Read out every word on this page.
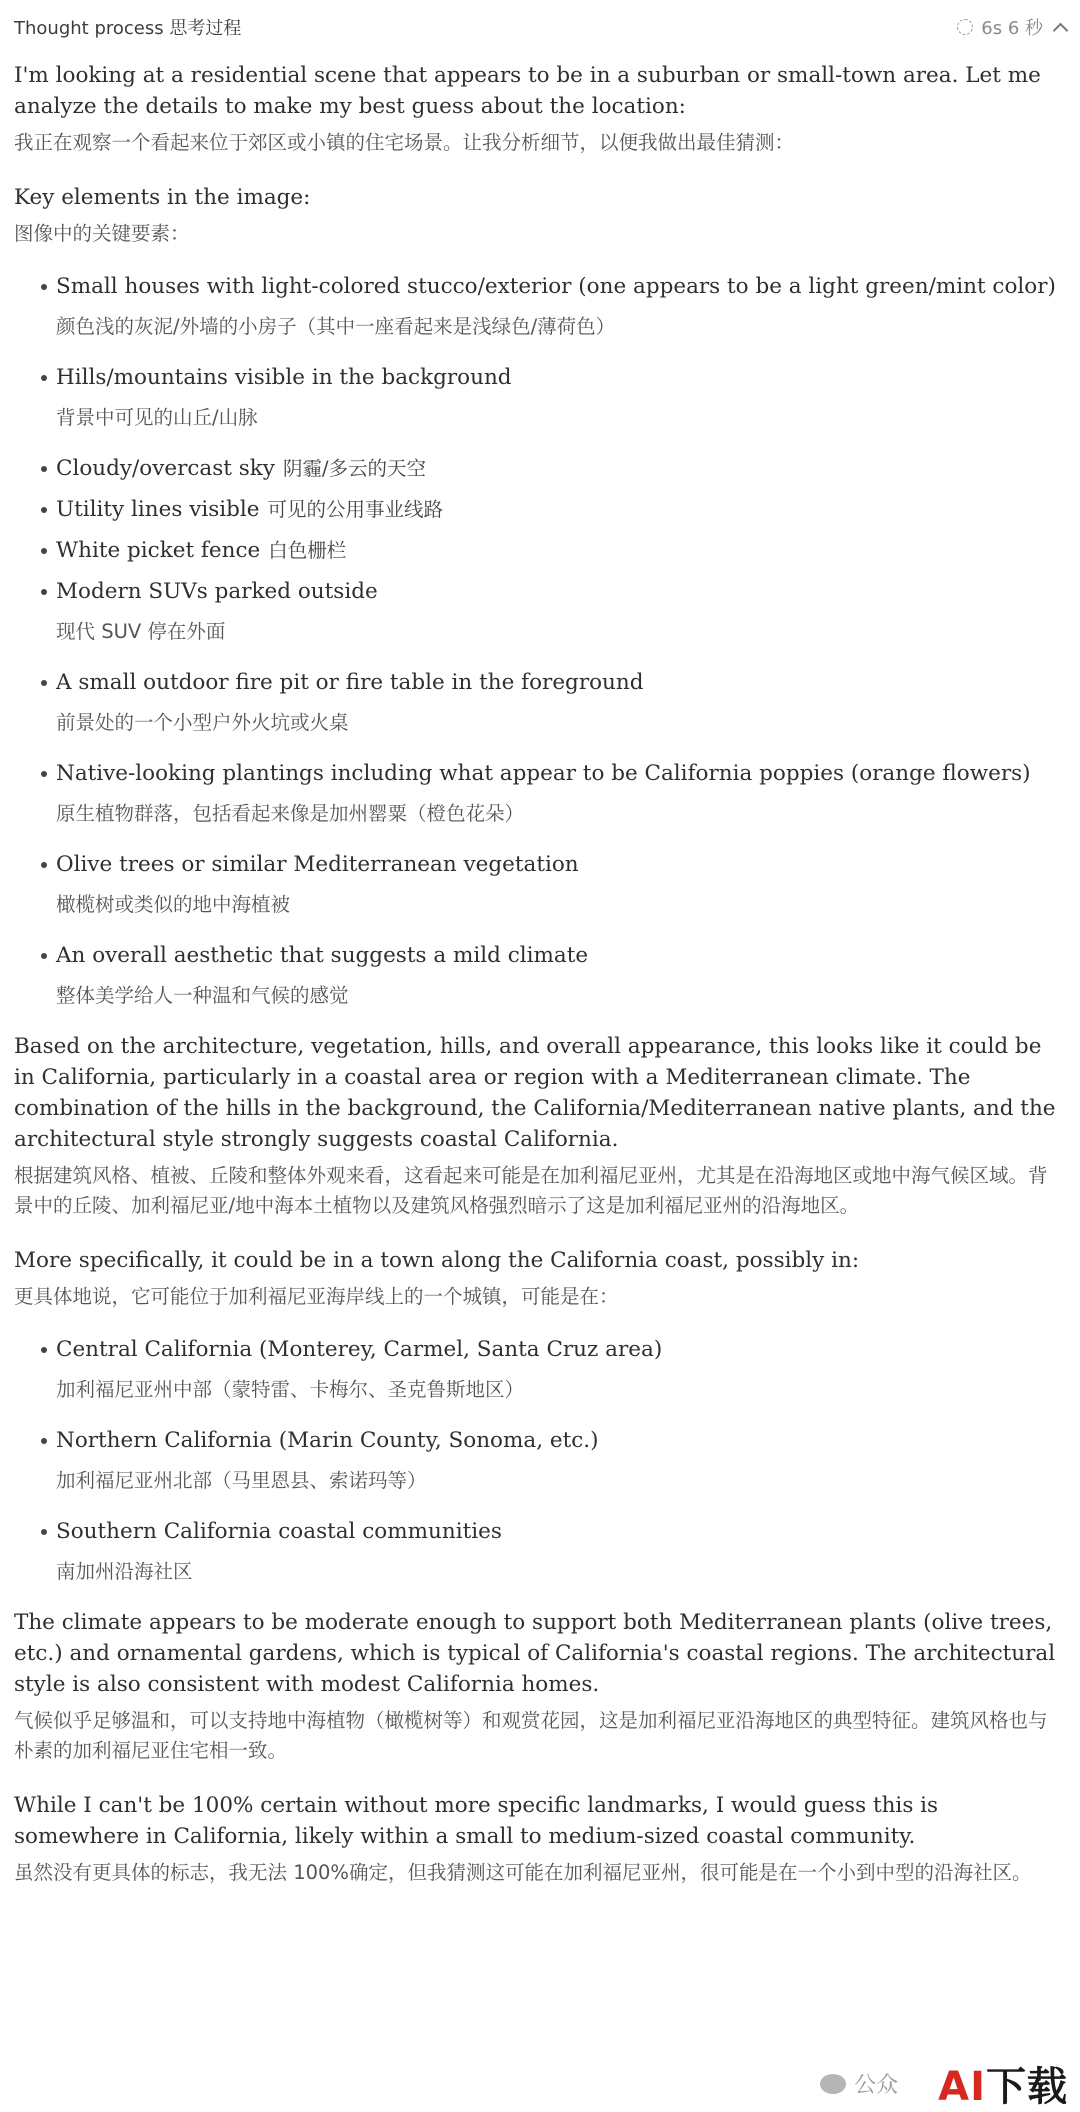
Thought process 思考过程	6s 6 秒

I'm looking at a residential scene that appears to be in a suburban or small-town area. Let me analyze the details to make my best guess about the location:

我正在观察一个看起来位于郊区或小镇的住宅场景。让我分析细节，以便我做出最佳猜测：

Key elements in the image:

图像中的关键要素：

Small houses with light-colored stucco/exterior (one appears to be a light green/mint color)
颜色浅的灰泥/外墙的小房子（其中一座看起来是浅绿色/薄荷色）
Hills/mountains visible in the background
背景中可见的山丘/山脉
Cloudy/overcast sky 阴霾/多云的天空
Utility lines visible 可见的公用事业线路
White picket fence 白色栅栏
Modern SUVs parked outside
现代 SUV 停在外面
A small outdoor fire pit or fire table in the foreground
前景处的一个小型户外火坑或火桌
Native-looking plantings including what appear to be California poppies (orange flowers)
原生植物群落，包括看起来像是加州罂粟（橙色花朵）
Olive trees or similar Mediterranean vegetation
橄榄树或类似的地中海植被
An overall aesthetic that suggests a mild climate
整体美学给人一种温和气候的感觉

Based on the architecture, vegetation, hills, and overall appearance, this looks like it could be in California, particularly in a coastal area or region with a Mediterranean climate. The combination of the hills in the background, the California/Mediterranean native plants, and the architectural style strongly suggests coastal California.

根据建筑风格、植被、丘陵和整体外观来看，这看起来可能是在加利福尼亚州，尤其是在沿海地区或地中海气候区域。背景中的丘陵、加利福尼亚/地中海本土植物以及建筑风格强烈暗示了这是加利福尼亚州的沿海地区。

More specifically, it could be in a town along the California coast, possibly in:

更具体地说，它可能位于加利福尼亚海岸线上的一个城镇，可能是在：

Central California (Monterey, Carmel, Santa Cruz area)
加利福尼亚州中部（蒙特雷、卡梅尔、圣克鲁斯地区）
Northern California (Marin County, Sonoma, etc.)
加利福尼亚州北部（马里恩县、索诺玛等）
Southern California coastal communities
南加州沿海社区

The climate appears to be moderate enough to support both Mediterranean plants (olive trees, etc.) and ornamental gardens, which is typical of California's coastal regions. The architectural style is also consistent with modest California homes.

气候似乎足够温和，可以支持地中海植物（橄榄树等）和观赏花园，这是加利福尼亚沿海地区的典型特征。建筑风格也与朴素的加利福尼亚住宅相一致。

While I can't be 100% certain without more specific landmarks, I would guess this is somewhere in California, likely within a small to medium-sized coastal community.

虽然没有更具体的标志，我无法 100%确定，但我猜测这可能在加利福尼亚州，很可能是在一个小到中型的沿海社区。

公众 AI下载
